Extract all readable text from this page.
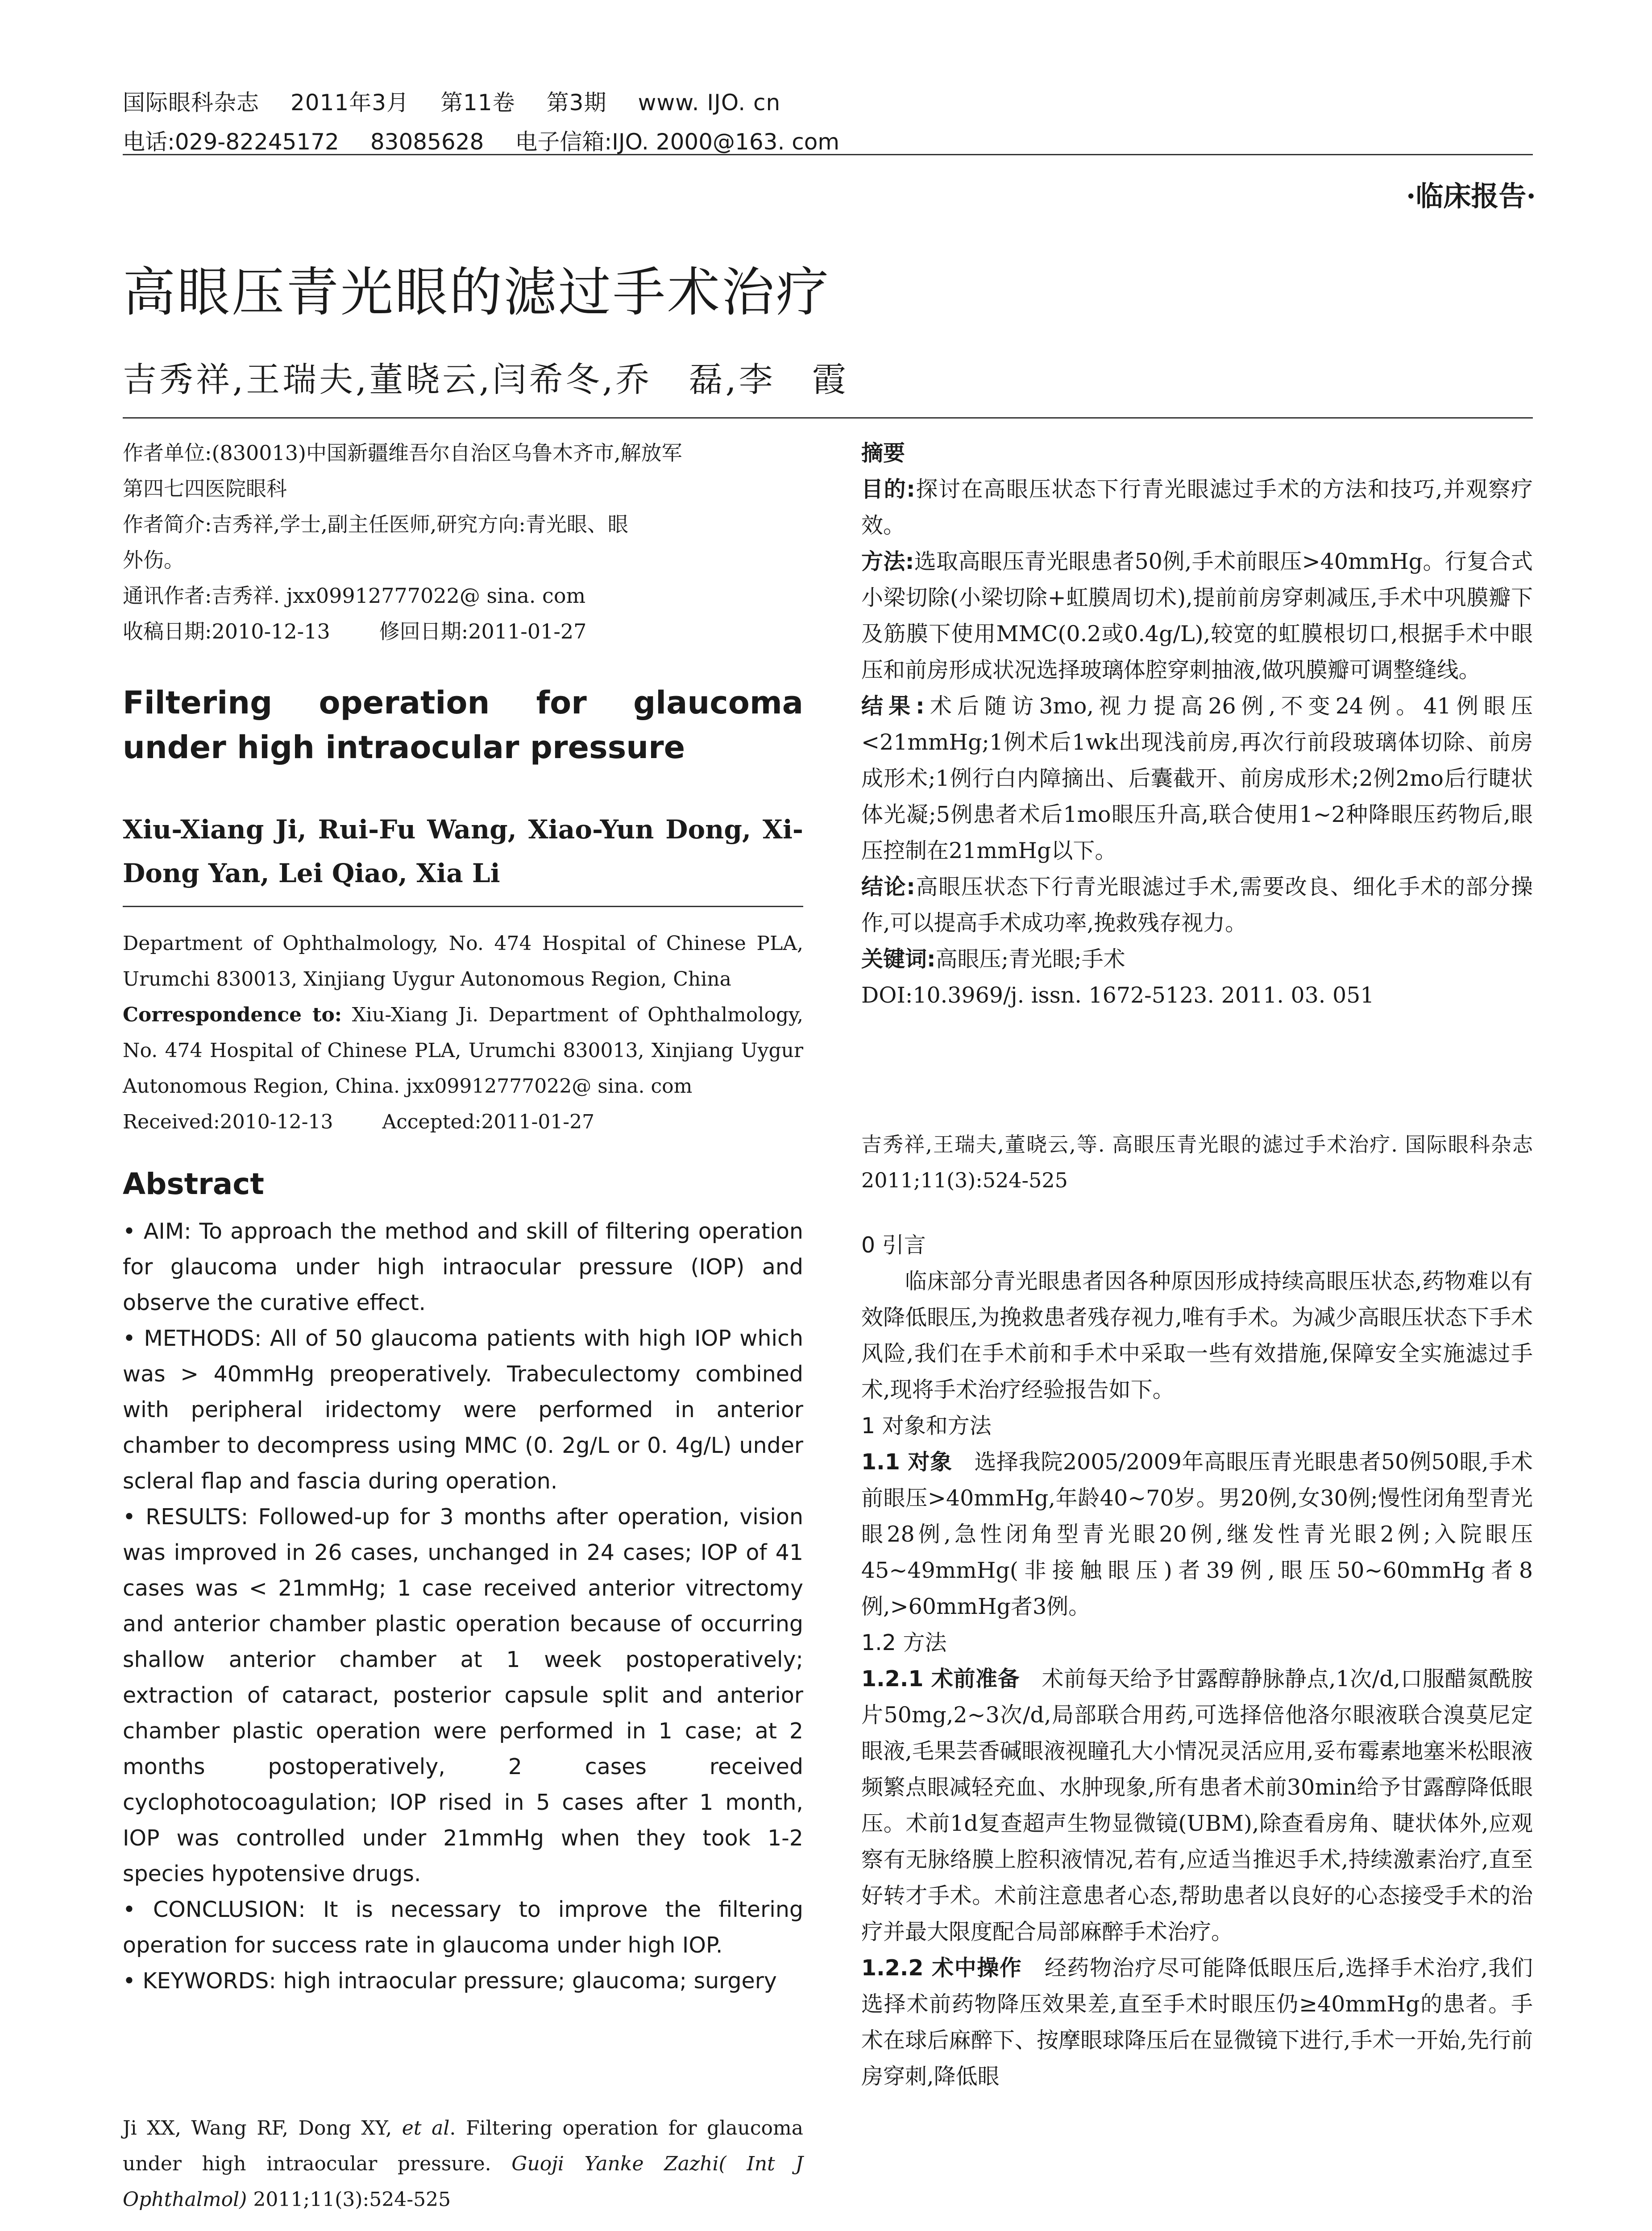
国际眼科杂志 2011年3月 第11卷 第3期 www. IJO. cn
电话:029-82245172 83085628 电子信箱:IJO. 2000@163. com
·临床报告·
高眼压青光眼的滤过手术治疗
吉秀祥,王瑞夫,董晓云,闫希冬,乔　磊,李　霞
作者单位:(830013)中国新疆维吾尔自治区乌鲁木齐市,解放军
第四七四医院眼科
作者简介:吉秀祥,学士,副主任医师,研究方向:青光眼、眼
外伤。
通讯作者:吉秀祥. jxx09912777022@ sina. com
收稿日期:2010-12-13 修回日期:2011-01-27
Filtering operation for glaucoma under high intraocular pressure
Xiu-Xiang Ji, Rui-Fu Wang, Xiao-Yun Dong, Xi-Dong Yan, Lei Qiao, Xia Li
Department of Ophthalmology, No. 474 Hospital of Chinese PLA, Urumchi 830013, Xinjiang Uygur Autonomous Region, China
Correspondence to: Xiu-Xiang Ji. Department of Ophthalmology, No. 474 Hospital of Chinese PLA, Urumchi 830013, Xinjiang Uygur Autonomous Region, China. jxx09912777022@ sina. com
Received:2010-12-13	Accepted:2011-01-27
Abstract

• AIM: To approach the method and skill of filtering operation for glaucoma under high intraocular pressure (IOP) and observe the curative effect.

• METHODS: All of 50 glaucoma patients with high IOP which was > 40mmHg preoperatively. Trabeculectomy combined with peripheral iridectomy were performed in anterior chamber to decompress using MMC (0. 2g/L or 0. 4g/L) under scleral flap and fascia during operation.

• RESULTS: Followed-up for 3 months after operation, vision was improved in 26 cases, unchanged in 24 cases; IOP of 41 cases was < 21mmHg; 1 case received anterior vitrectomy and anterior chamber plastic operation because of occurring shallow anterior chamber at 1 week postoperatively; extraction of cataract, posterior capsule split and anterior chamber plastic operation were performed in 1 case; at 2 months postoperatively, 2 cases received cyclophotocoagulation; IOP rised in 5 cases after 1 month, IOP was controlled under 21mmHg when they took 1-2 species hypotensive drugs.

• CONCLUSION: It is necessary to improve the filtering operation for success rate in glaucoma under high IOP.

• KEYWORDS: high intraocular pressure; glaucoma; surgery

Ji XX, Wang RF, Dong XY, et al. Filtering operation for glaucoma under high intraocular pressure. Guoji Yanke Zazhi( Int J Ophthalmol) 2011;11(3):524-525

摘要

目的:探讨在高眼压状态下行青光眼滤过手术的方法和技巧,并观察疗效。

方法:选取高眼压青光眼患者50例,手术前眼压>40mmHg。行复合式小梁切除(小梁切除+虹膜周切术),提前前房穿刺减压,手术中巩膜瓣下及筋膜下使用MMC(0.2或0.4g/L),较宽的虹膜根切口,根据手术中眼压和前房形成状况选择玻璃体腔穿刺抽液,做巩膜瓣可调整缝线。

结果:术后随访3mo,视力提高26例,不变24例。41例眼压<21mmHg;1例术后1wk出现浅前房,再次行前段玻璃体切除、前房成形术;1例行白内障摘出、后囊截开、前房成形术;2例2mo后行睫状体光凝;5例患者术后1mo眼压升高,联合使用1~2种降眼压药物后,眼压控制在21mmHg以下。

结论:高眼压状态下行青光眼滤过手术,需要改良、细化手术的部分操作,可以提高手术成功率,挽救残存视力。

关键词:高眼压;青光眼;手术

DOI:10.3969/j. issn. 1672-5123. 2011. 03. 051

吉秀祥,王瑞夫,董晓云,等. 高眼压青光眼的滤过手术治疗. 国际眼科杂志 2011;11(3):524-525

0 引言

临床部分青光眼患者因各种原因形成持续高眼压状态,药物难以有效降低眼压,为挽救患者残存视力,唯有手术。为减少高眼压状态下手术风险,我们在手术前和手术中采取一些有效措施,保障安全实施滤过手术,现将手术治疗经验报告如下。

1 对象和方法

1.1 对象　 选择我院2005/2009年高眼压青光眼患者50例50眼,手术前眼压>40mmHg,年龄40~70岁。男20例,女30例;慢性闭角型青光眼28例,急性闭角型青光眼20例,继发性青光眼2例;入院眼压45~49mmHg(非接触眼压)者39例,眼压50~60mmHg者8例,>60mmHg者3例。

1.2 方法

1.2.1 术前准备　 术前每天给予甘露醇静脉静点,1次/d,口服醋氮酰胺片50mg,2~3次/d,局部联合用药,可选择倍他洛尔眼液联合溴莫尼定眼液,毛果芸香碱眼液视瞳孔大小情况灵活应用,妥布霉素地塞米松眼液频繁点眼减轻充血、水肿现象,所有患者术前30min给予甘露醇降低眼压。术前1d复查超声生物显微镜(UBM),除查看房角、睫状体外,应观察有无脉络膜上腔积液情况,若有,应适当推迟手术,持续激素治疗,直至好转才手术。术前注意患者心态,帮助患者以良好的心态接受手术的治疗并最大限度配合局部麻醉手术治疗。

1.2.2 术中操作　 经药物治疗尽可能降低眼压后,选择手术治疗,我们选择术前药物降压效果差,直至手术时眼压仍≥40mmHg的患者。手术在球后麻醉下、按摩眼球降压后在显微镜下进行,手术一开始,先行前房穿刺,降低眼
